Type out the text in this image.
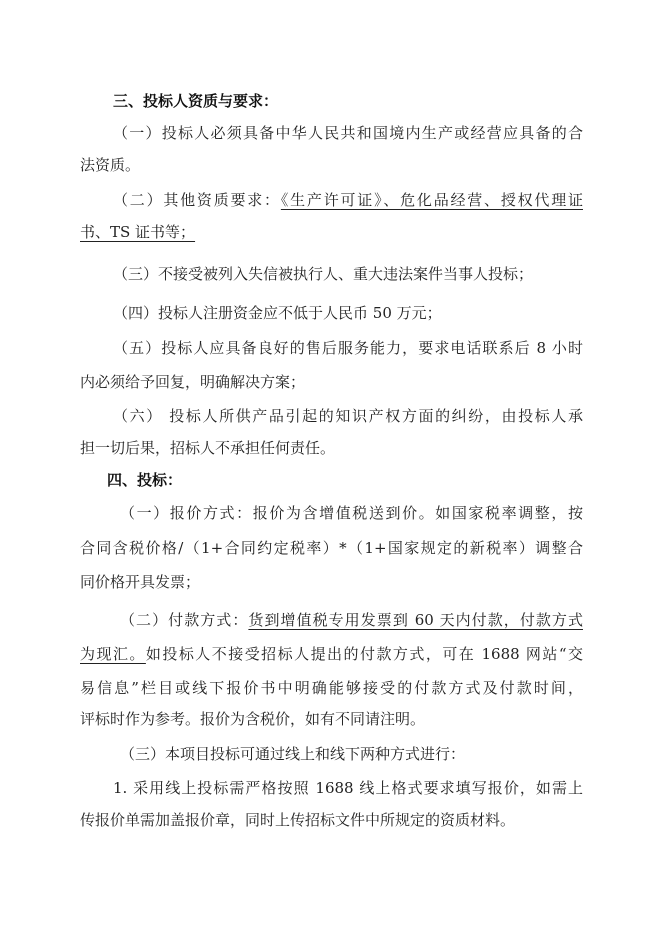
三、投标人资质与要求：
（一）投标人必须具备中华人民共和国境内生产或经营应具备的合
法资质。
（二）其他资质要求：《生产许可证》、危化品经营、授权代理证
书、TS 证书等；
（三）不接受被列入失信被执行人、重大违法案件当事人投标；
（四）投标人注册资金应不低于人民币 50 万元；
（五）投标人应具备良好的售后服务能力，要求电话联系后 8 小时
内必须给予回复，明确解决方案；
（六） 投标人所供产品引起的知识产权方面的纠纷，由投标人承
担一切后果，招标人不承担任何责任。
四、投标：
（一）报价方式：报价为含增值税送到价。如国家税率调整，按
合同含税价格/（1+合同约定税率）*（1+国家规定的新税率）调整合
同价格开具发票；
（二）付款方式：货到增值税专用发票到 60 天内付款，付款方式
为现汇。如投标人不接受招标人提出的付款方式，可在 1688 网站“交
易信息”栏目或线下报价书中明确能够接受的付款方式及付款时间，
评标时作为参考。报价为含税价，如有不同请注明。
（三）本项目投标可通过线上和线下两种方式进行：
1. 采用线上投标需严格按照 1688 线上格式要求填写报价，如需上
传报价单需加盖报价章，同时上传招标文件中所规定的资质材料。
